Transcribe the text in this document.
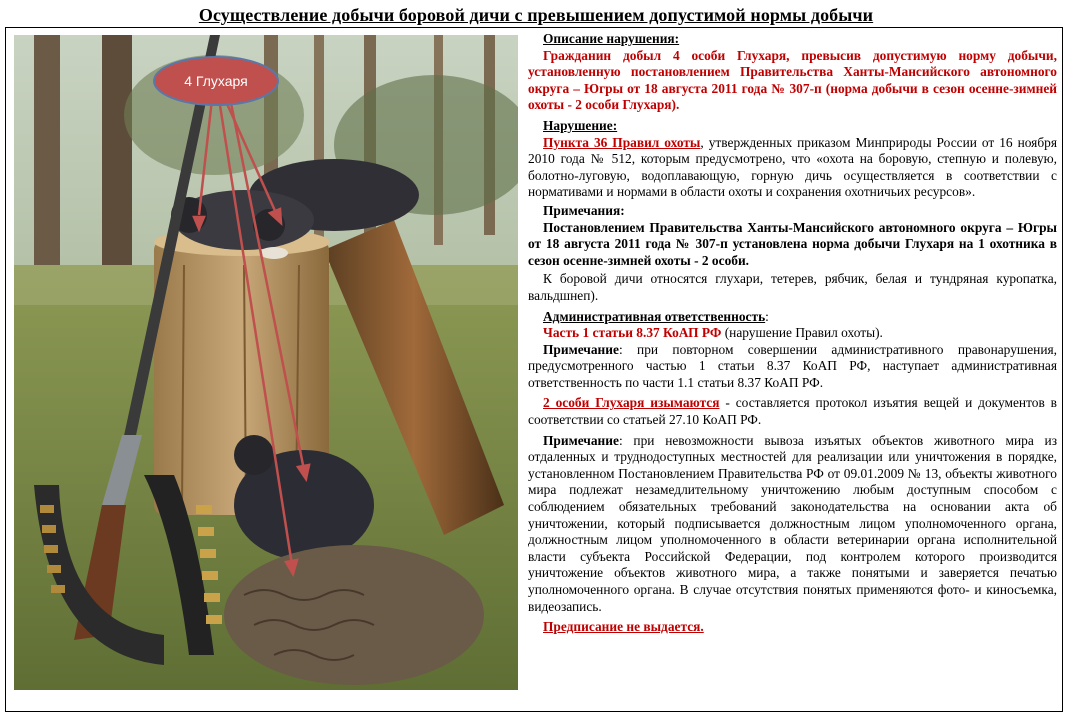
Осуществление добычи боровой дичи с превышением допустимой нормы добычи
4 Глухаря

Описание нарушения:

Гражданин добыл 4 особи Глухаря, превысив допустимую норму добычи, установленную постановлением Правительства Ханты-Мансийского автономного округа – Югры от 18 августа 2011 года № 307-п (норма добычи в сезон осенне-зимней охоты - 2 особи Глухаря).

Нарушение:

Пункта 36 Правил охоты, утвержденных приказом Минприроды России от 16 ноября 2010 года № 512, которым предусмотрено, что «охота на боровую, степную и полевую, болотно-луговую, водоплавающую, горную дичь осуществляется в соответствии с нормативами и нормами в области охоты и сохранения охотничьих ресурсов».

Примечания:

Постановлением Правительства Ханты-Мансийского автономного округа – Югры от 18 августа 2011 года № 307-п установлена норма добычи Глухаря на 1 охотника в сезон осенне-зимней охоты - 2 особи.

К боровой дичи относятся глухари, тетерев, рябчик, белая и тундряная куропатка, вальдшнеп).

Административная ответственность:

Часть 1 статьи 8.37 КоАП РФ (нарушение Правил охоты).

Примечание: при повторном совершении административного правонарушения, предусмотренного частью 1 статьи 8.37 КоАП РФ, наступает административная ответственность по части 1.1 статьи 8.37 КоАП РФ.

2 особи Глухаря изымаются - составляется протокол изъятия вещей и документов в соответствии со статьей 27.10 КоАП РФ.

Примечание: при невозможности вывоза изъятых объектов животного мира из отдаленных и труднодоступных местностей для реализации или уничтожения в порядке, установленном Постановлением Правительства РФ от 09.01.2009 № 13, объекты животного мира подлежат незамедлительному уничтожению любым доступным способом с соблюдением обязательных требований законодательства на основании акта об уничтожении, который подписывается должностным лицом уполномоченного органа, должностным лицом уполномоченного в области ветеринарии органа исполнительной власти субъекта Российской Федерации, под контролем которого производится уничтожение объектов животного мира, а также понятыми и заверяется печатью уполномоченного органа. В случае отсутствия понятых применяются фото- и киносъемка, видеозапись.

Предписание не выдается.
